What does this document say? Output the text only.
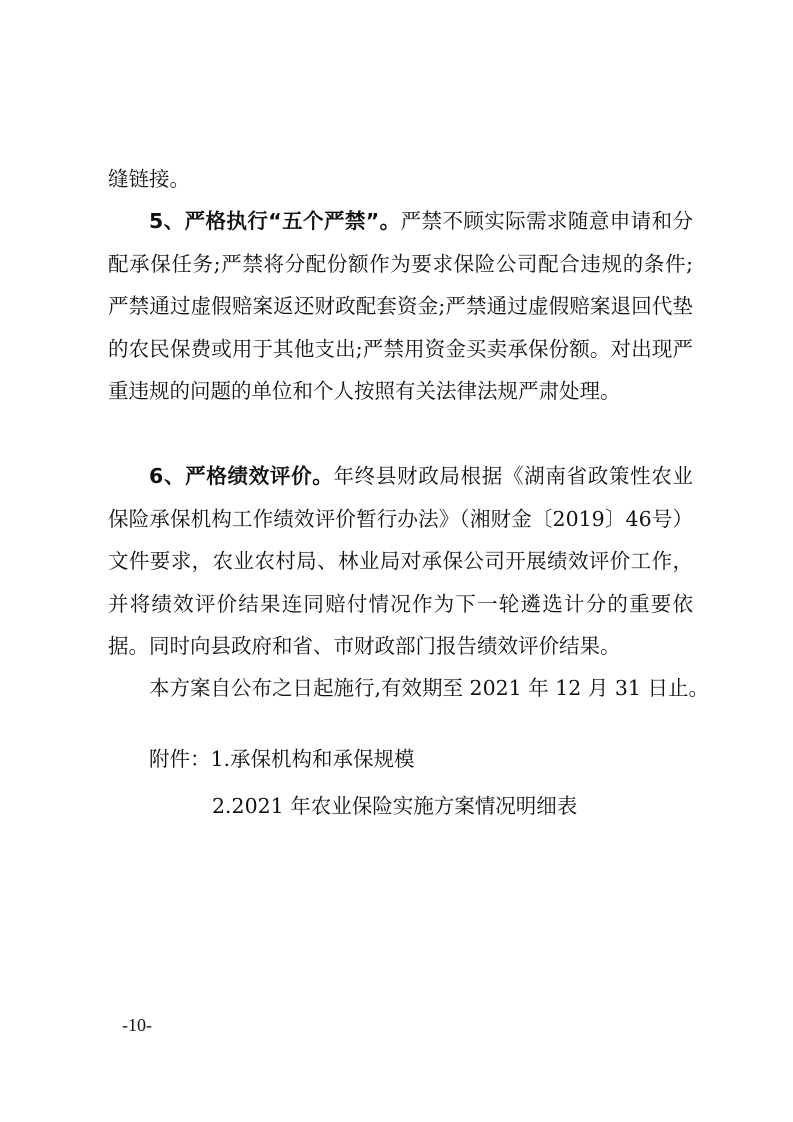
缝链接。

5、严格执行“五个严禁”。严禁不顾实际需求随意申请和分配承保任务;严禁将分配份额作为要求保险公司配合违规的条件;严禁通过虚假赔案返还财政配套资金;严禁通过虚假赔案退回代垫的农民保费或用于其他支出;严禁用资金买卖承保份额。对出现严重违规的问题的单位和个人按照有关法律法规严肃处理。

6、严格绩效评价。年终县财政局根据《湖南省政策性农业保险承保机构工作绩效评价暂行办法》（湘财金〔2019〕46号）文件要求，农业农村局、林业局对承保公司开展绩效评价工作，并将绩效评价结果连同赔付情况作为下一轮遴选计分的重要依据。同时向县政府和省、市财政部门报告绩效评价结果。

本方案自公布之日起施行,有效期至 2021 年 12 月 31 日止。
附件：1.承保机构和承保规模
2.2021 年农业保险实施方案情况明细表
-10-
